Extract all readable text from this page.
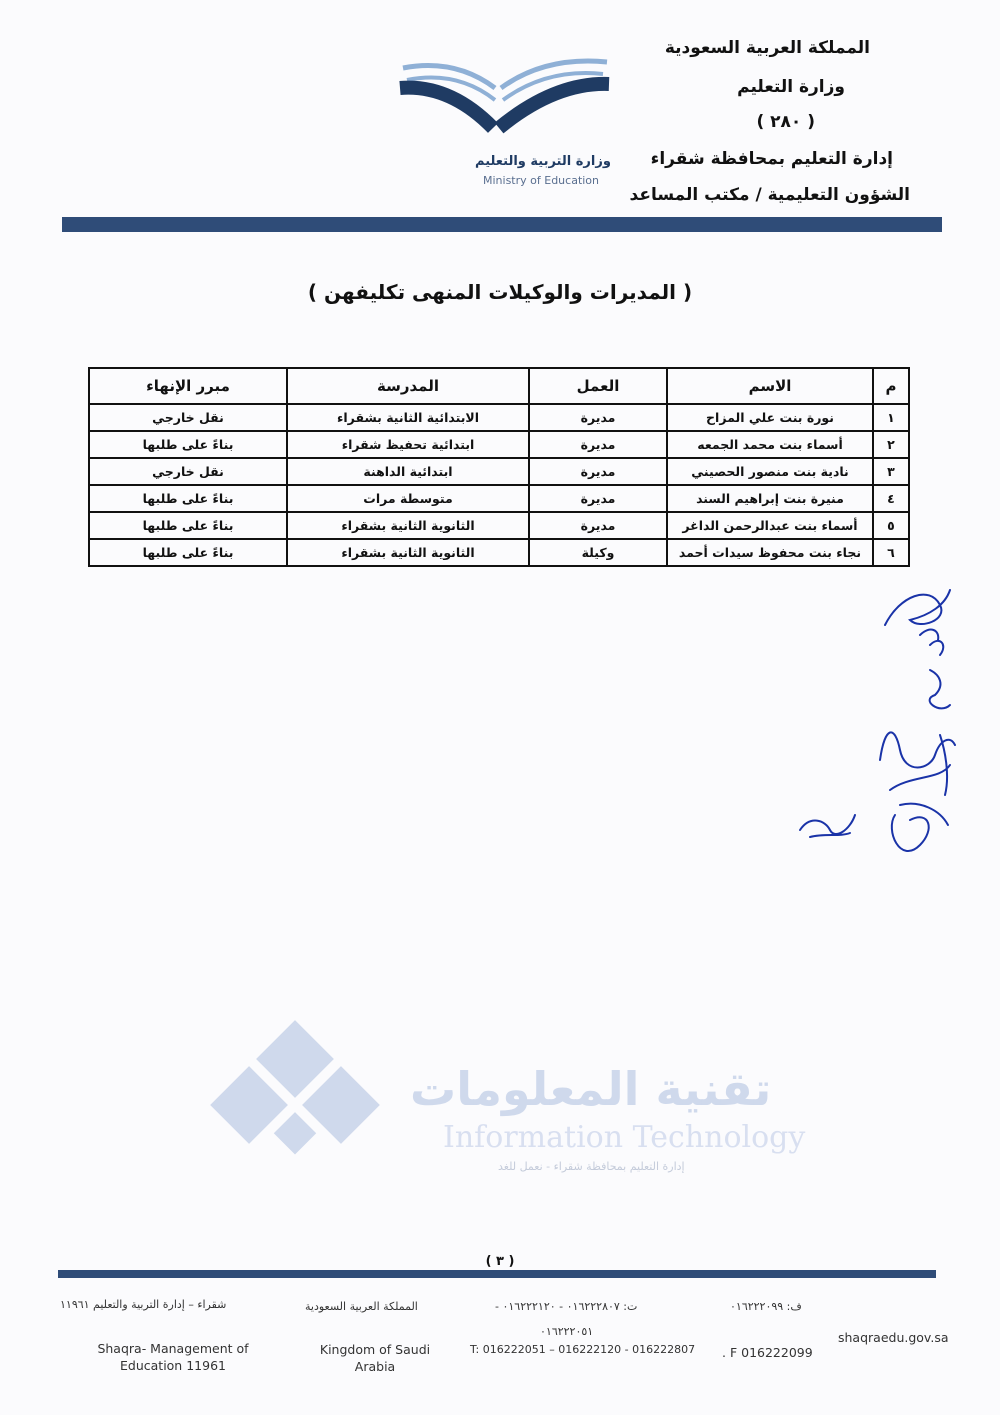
المملكة العربية السعودية
وزارة التعليم
( ٢٨٠ )
إدارة التعليم بمحافظة شقراء
الشؤون التعليمية / مكتب المساعد
وزارة التربية والتعليم
Ministry of Education
( المديرات والوكيلات المنهى تكليفهن )
م	الاسم	العمل	المدرسة	مبرر الإنهاء
١	نورة بنت علي المزاح	مديرة	الابتدائية الثانية بشقراء	نقل خارجي
٢	أسماء بنت محمد الجمعه	مديرة	ابتدائية تحفيظ شقراء	بناءً على طلبها
٣	نادية بنت منصور الحصيني	مديرة	ابتدائية الداهنة	نقل خارجي
٤	منيرة بنت إبراهيم السند	مديرة	متوسطة مرات	بناءً على طلبها
٥	أسماء بنت عبدالرحمن الداغر	مديرة	الثانوية الثانية بشقراء	بناءً على طلبها
٦	نجاء بنت محفوظ سيدات أحمد	وكيلة	الثانوية الثانية بشقراء	بناءً على طلبها
تقنية المعلومات
Information Technology
إدارة التعليم بمحافظة شقراء - نعمل للغد
( ٣ )
ف: ٠١٦٢٢٢٠٩٩
ت: ٠١٦٢٢٢٨٠٧ - ٠١٦٢٢٢١٢٠ -
٠١٦٢٢٢٠٥١
المملكة العربية السعودية
شقراء – إدارة التربية والتعليم ١١٩٦١
shaqraedu.gov.sa
. F 016222099
T: 016222051 – 016222120 - 016222807
Kingdom of Saudi Arabia
Shaqra- Management of Education 11961
